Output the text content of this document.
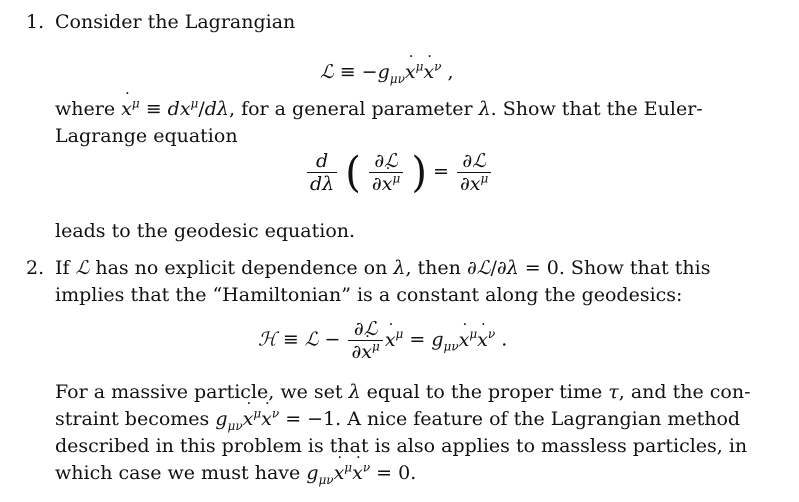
1. Consider the Lagrangian
ℒ ≡ $-g_{\mu\nu}˙$ $x^\mu˙$ $x^\nu$ ,
where ˙ $x^\mu \equiv dx^\mu/d\lambda$, for a general parameter λ. Show that the Euler-
Lagrange equation
$\frac{d}{d\lambda}$ ( $\frac{\text{∂ℒ}}{\partial˙ x^\mu}$ ) = $\frac{\text{∂ℒ}}{\partial x^\mu}$
leads to the geodesic equation.
2. If ℒ has no explicit dependence on λ, then ∂ℒ/∂λ = 0. Show that this
implies that the “Hamiltonian” is a constant along the geodesics:
ℋ ≡ ℒ − $\frac{\text{∂ℒ}}{\partial˙ x^\mu}$ ˙ $x^\mu$ = $g_{\mu\nu}˙$ $x^\mu˙$ $x^\nu$ .
For a massive particle, we set λ equal to the proper time τ, and the con-
straint becomes $g_{\mu\nu}˙$ $x^\mu˙$ $x^\nu = -1$. A nice feature of the Lagrangian method
described in this problem is that is also applies to massless particles, in
which case we must have $g_{\mu\nu}˙$ $x^\mu˙$ $x^\nu = 0$.
